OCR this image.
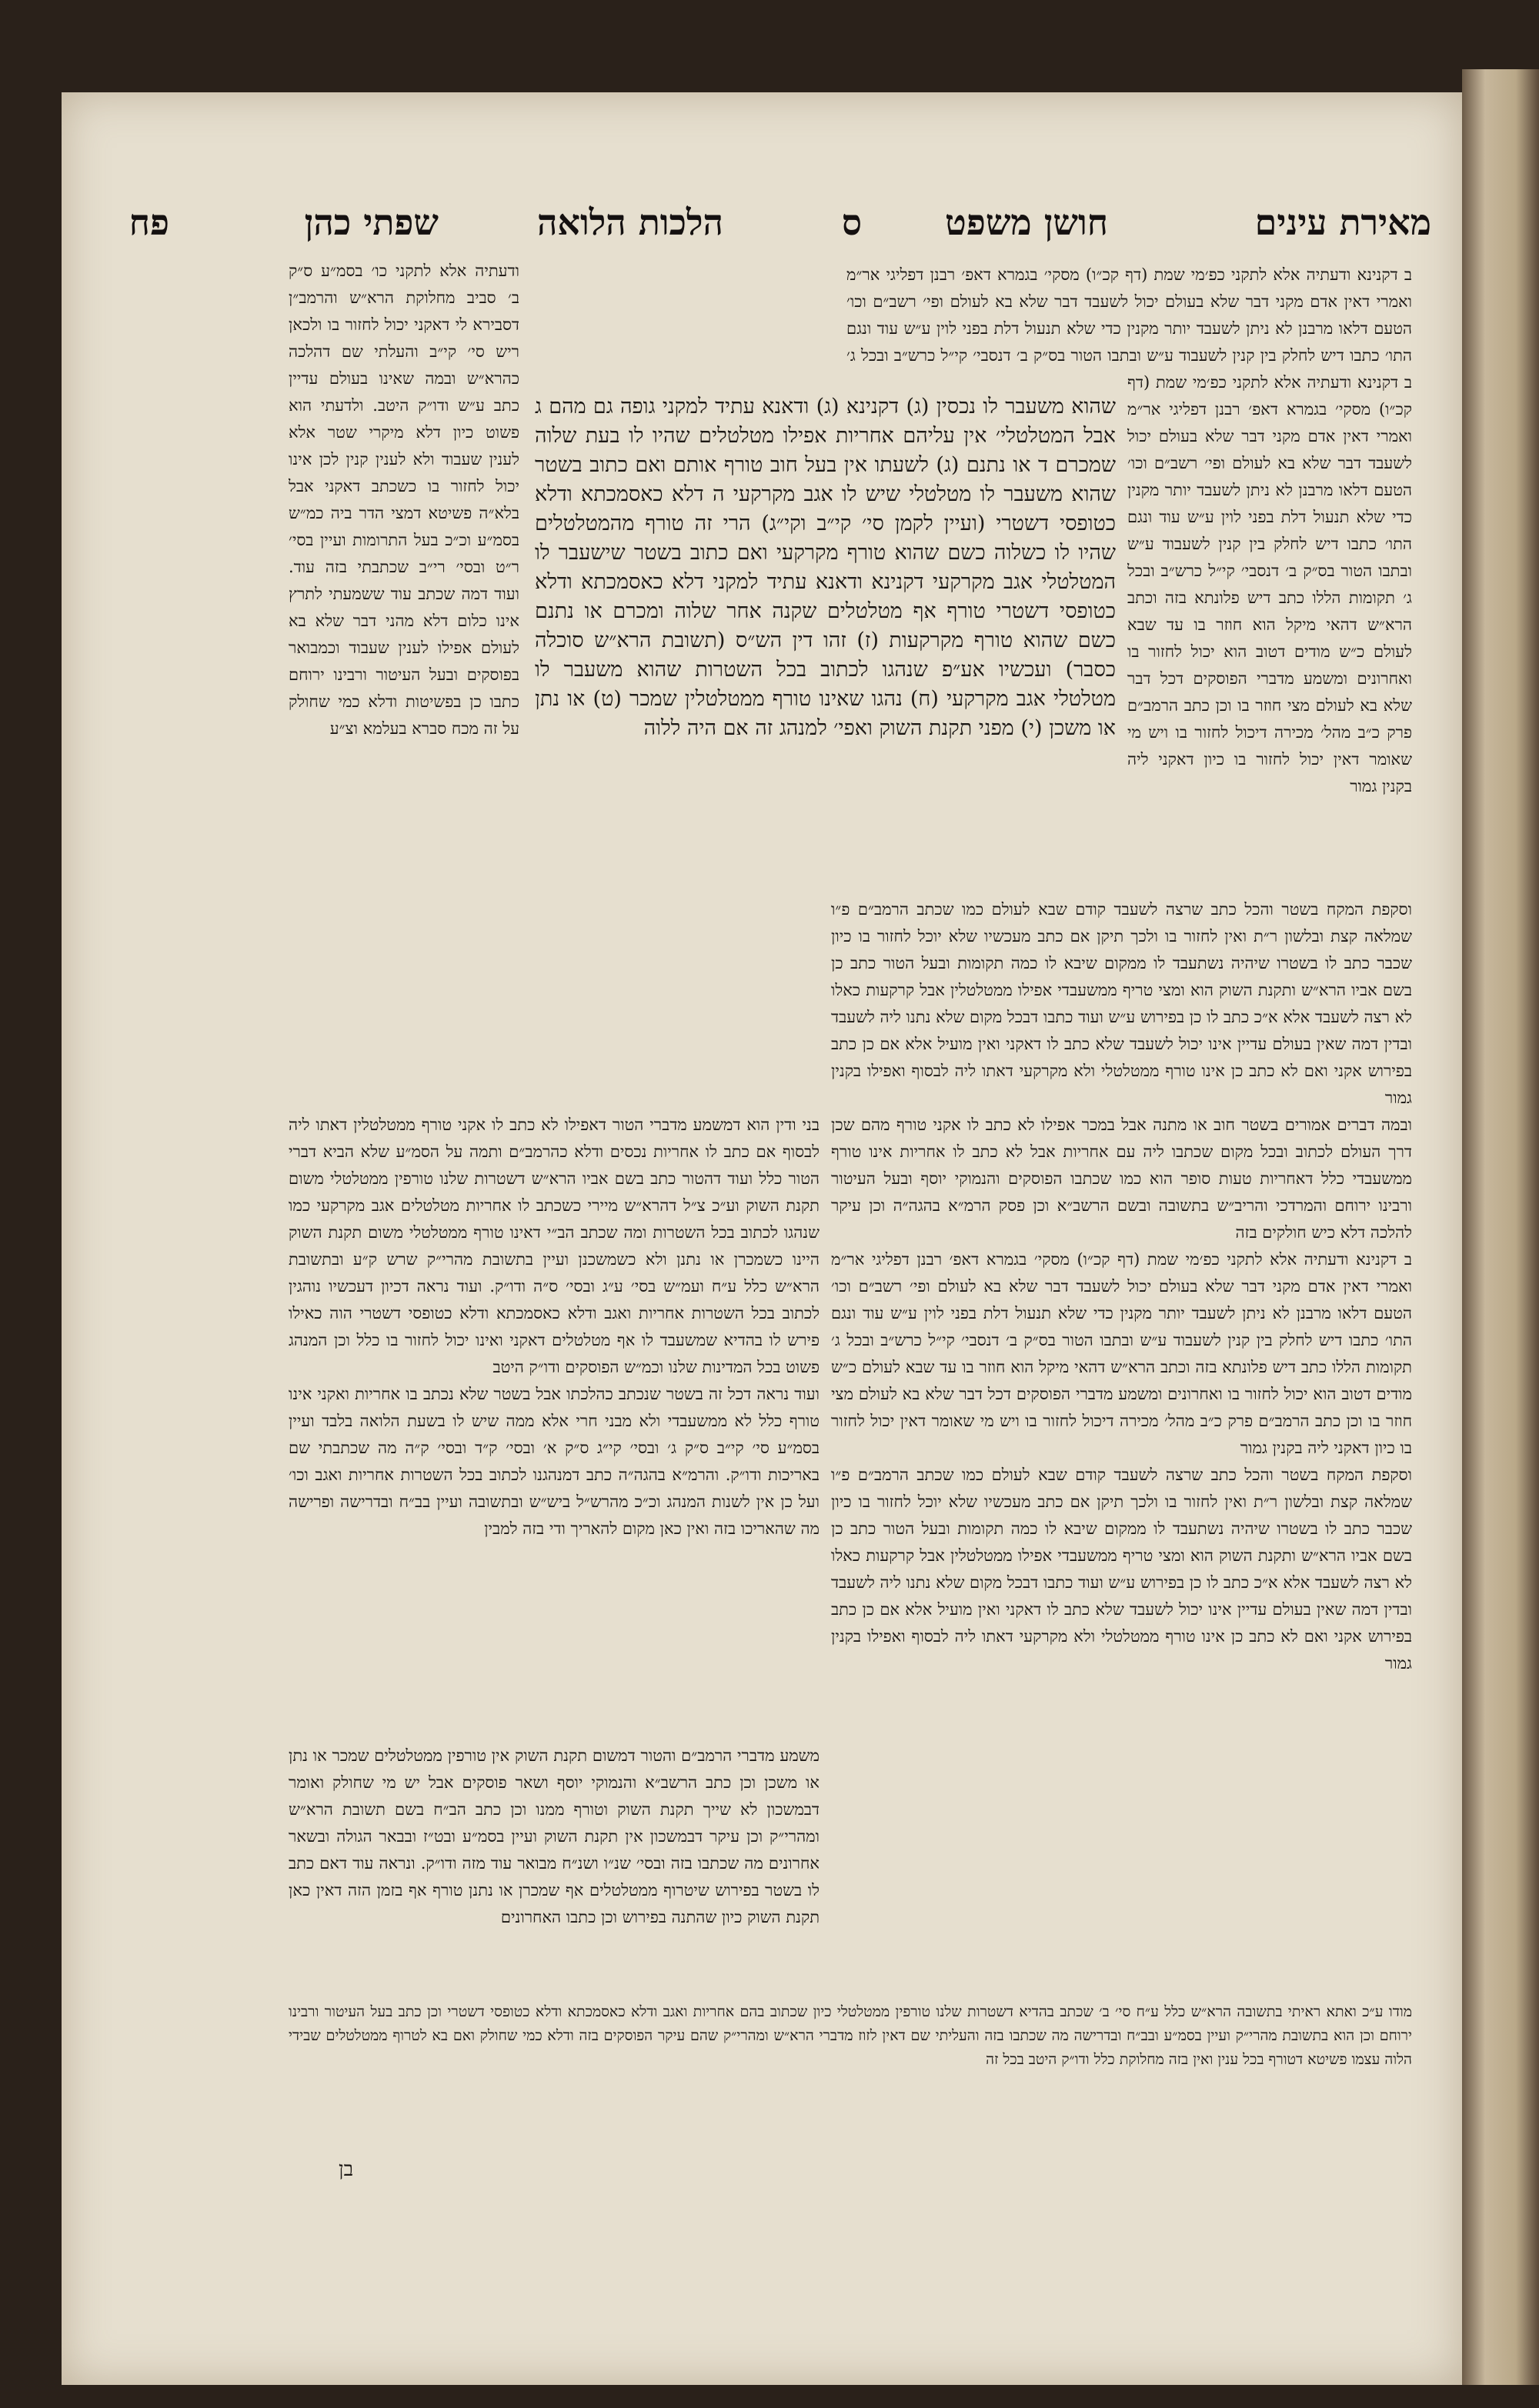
מאירת עינים
חושן משפט
ס
הלכות הלואה
שפתי כהן
פח

ב דקנינא ודעתיה אלא לתקני כפ׳מי שמת (דף קכ״ו) מסקי׳ בגמרא דאפ׳ רבנן דפליגי אר״מ ואמרי דאין אדם מקני דבר שלא בעולם יכול לשעבד דבר שלא בא לעולם ופי׳ רשב״ם וכו׳ הטעם דלאו מרבנן לא ניתן לשעבד יותר מקנין כדי שלא תנעול דלת בפני לוין ע״ש עוד ונגם התו׳ כתבו דיש לחלק בין קנין לשעבוד ע״ש ובתבו הטור בס״ק ב׳ דנסבי׳ קי״ל כרש״ב ובכל ג׳

ב דקנינא ודעתיה אלא לתקני כפ׳מי שמת (דף קכ״ו) מסקי׳ בגמרא דאפ׳ רבנן דפליגי אר״מ ואמרי דאין אדם מקני דבר שלא בעולם יכול לשעבד דבר שלא בא לעולם ופי׳ רשב״ם וכו׳ הטעם דלאו מרבנן לא ניתן לשעבד יותר מקנין כדי שלא תנעול דלת בפני לוין ע״ש עוד ונגם התו׳ כתבו דיש לחלק בין קנין לשעבוד ע״ש ובתבו הטור בס״ק ב׳ דנסבי׳ קי״ל כרש״ב ובכל ג׳ תקומות הללו כתב דיש פלונתא בזה וכתב הרא״ש דהאי מיקל הוא חוזר בו עד שבא לעולם כ״ש מודים דטוב הוא יכול לחזור בו ואחרונים ומשמע מדברי הפוסקים דכל דבר שלא בא לעולם מצי חוזר בו וכן כתב הרמב״ם פרק כ״ב מהל׳ מכירה דיכול לחזור בו ויש מי שאומר דאין יכול לחזור בו כיון דאקני ליה בקנין גמור

שהוא משעבר לו נכסין (ג) דקנינא (ג) ודאנא עתיד למקני גופה גם מהם ג אבל המטלטלי׳ אין עליהם אחריות אפילו מטלטלים שהיו לו בעת שלוה שמכרם ד או נתנם (ג) לשעתו אין בעל חוב טורף אותם ואם כתוב בשטר שהוא משעבר לו מטלטלי שיש לו אגב מקרקעי ה דלא כאסמכתא ודלא כטופסי דשטרי (ועיין לקמן סי׳ קי״ב וקי״ג) הרי זה טורף מהמטלטלים שהיו לו כשלוה כשם שהוא טורף מקרקעי ואם כתוב בשטר שישעבר לו המטלטלי אגב מקרקעי דקנינא ודאנא עתיד למקני דלא כאסמכתא ודלא כטופסי דשטרי טורף אף מטלטלים שקנה אחר שלוה ומכרם או נתנם כשם שהוא טורף מקרקעות (ז) זהו דין הש״ס (תשובת הרא״ש סוכלה כסבר) ועכשיו אע״פ שנהגו לכתוב בכל השטרות שהוא משעבר לו מטלטלי אגב מקרקעי (ח) נהגו שאינו טורף ממטלטלין שמכר (ט) או נתן או משכן (י) מפני תקנת השוק ואפי׳ למנהג זה אם היה ללוה

וסקפת המקח בשטר והכל כתב שרצה לשעבד קודם שבא לעולם כמו שכתב הרמב״ם פ״ו שמלאה קצת ובלשון ר״ת ואין לחזור בו ולכך תיקן אם כתב מעכשיו שלא יוכל לחזור בו כיון שכבר כתב לו בשטרו שיהיה נשתעבד לו ממקום שיבא לו כמה תקומות ובעל הטור כתב כן בשם אביו הרא״ש ותקנת השוק הוא ומצי טריף ממשעבדי אפילו ממטלטלין אבל קרקעות כאלו לא רצה לשעבד אלא א״כ כתב לו כן בפירוש ע״ש ועוד כתבו דבכל מקום שלא נתנו ליה לשעבד ובדין דמה שאין בעולם עדיין אינו יכול לשעבד שלא כתב לו דאקני ואין מועיל אלא אם כן כתב בפירוש אקני ואם לא כתב כן אינו טורף ממטלטלי ולא מקרקעי דאתו ליה לבסוף ואפילו בקנין גמור

ובמה דברים אמורים בשטר חוב או מתנה אבל במכר אפילו לא כתב לו אקני טורף מהם שכן דרך העולם לכתוב ובכל מקום שכתבו ליה עם אחריות אבל לא כתב לו אחריות אינו טורף ממשעבדי כלל דאחריות טעות סופר הוא כמו שכתבו הפוסקים והנמוקי יוסף ובעל העיטור ורבינו ירוחם והמרדכי והריב״ש בתשובה ובשם הרשב״א וכן פסק הרמ״א בהגה״ה וכן עיקר להלכה דלא כיש חולקים בזה

ב דקנינא ודעתיה אלא לתקני כפ׳מי שמת (דף קכ״ו) מסקי׳ בגמרא דאפ׳ רבנן דפליגי אר״מ ואמרי דאין אדם מקני דבר שלא בעולם יכול לשעבד דבר שלא בא לעולם ופי׳ רשב״ם וכו׳ הטעם דלאו מרבנן לא ניתן לשעבד יותר מקנין כדי שלא תנעול דלת בפני לוין ע״ש עוד ונגם התו׳ כתבו דיש לחלק בין קנין לשעבוד ע״ש ובתבו הטור בס״ק ב׳ דנסבי׳ קי״ל כרש״ב ובכל ג׳ תקומות הללו כתב דיש פלונתא בזה וכתב הרא״ש דהאי מיקל הוא חוזר בו עד שבא לעולם כ״ש מודים דטוב הוא יכול לחזור בו ואחרונים ומשמע מדברי הפוסקים דכל דבר שלא בא לעולם מצי חוזר בו וכן כתב הרמב״ם פרק כ״ב מהל׳ מכירה דיכול לחזור בו ויש מי שאומר דאין יכול לחזור בו כיון דאקני ליה בקנין גמור

וסקפת המקח בשטר והכל כתב שרצה לשעבד קודם שבא לעולם כמו שכתב הרמב״ם פ״ו שמלאה קצת ובלשון ר״ת ואין לחזור בו ולכך תיקן אם כתב מעכשיו שלא יוכל לחזור בו כיון שכבר כתב לו בשטרו שיהיה נשתעבד לו ממקום שיבא לו כמה תקומות ובעל הטור כתב כן בשם אביו הרא״ש ותקנת השוק הוא ומצי טריף ממשעבדי אפילו ממטלטלין אבל קרקעות כאלו לא רצה לשעבד אלא א״כ כתב לו כן בפירוש ע״ש ועוד כתבו דבכל מקום שלא נתנו ליה לשעבד ובדין דמה שאין בעולם עדיין אינו יכול לשעבד שלא כתב לו דאקני ואין מועיל אלא אם כן כתב בפירוש אקני ואם לא כתב כן אינו טורף ממטלטלי ולא מקרקעי דאתו ליה לבסוף ואפילו בקנין גמור

ודעתיה אלא לתקני כו׳ בסמ״ע ס״ק ב׳ סביב מחלוקת הרא״ש והרמב״ן דסבירא לי דאקני יכול לחזור בו ולכאן ריש סי׳ קי״ב והעלתי שם דהלכה כהרא״ש ובמה שאינו בעולם עדיין כתב ע״ש ודו״ק היטב. ולדעתי הוא פשוט כיון דלא מיקרי שטר אלא לענין שעבוד ולא לענין קנין לכן אינו יכול לחזור בו כשכתב דאקני אבל בלא״ה פשיטא דמצי הדר ביה כמ״ש בסמ״ע וכ״כ בעל התרומות ועיין בסי׳ ר״ט ובסי׳ רי״ב שכתבתי בזה עוד. ועוד דמה שכתב עוד ששמעתי לתרץ אינו כלום דלא מהני דבר שלא בא לעולם אפילו לענין שעבוד וכמבואר בפוסקים ובעל העיטור ורבינו ירוחם כתבו כן בפשיטות ודלא כמי שחולק על זה מכח סברא בעלמא וצ״ע

בני ודין הוא דמשמע מדברי הטור דאפילו לא כתב לו אקני טורף ממטלטלין דאתו ליה לבסוף אם כתב לו אחריות נכסים ודלא כהרמב״ם ותמה על הסמ״ע שלא הביא דברי הטור כלל ועוד דהטור כתב בשם אביו הרא״ש דשטרות שלנו טורפין ממטלטלי משום תקנת השוק וע״כ צ״ל דהרא״ש מיירי כשכתב לו אחריות מטלטלים אגב מקרקעי כמו שנהגו לכתוב בכל השטרות ומה שכתב הב״י דאינו טורף ממטלטלי משום תקנת השוק היינו כשמכרן או נתנן ולא כשמשכנן ועיין בתשובת מהרי״ק שרש ק״ע ובתשובת הרא״ש כלל ע״ח ועמ״ש בסי׳ ע״ג ובסי׳ ס״ה ודו״ק. ועוד נראה דכיון דעכשיו נוהגין לכתוב בכל השטרות אחריות ואגב ודלא כאסמכתא ודלא כטופסי דשטרי הוה כאילו פירש לו בהדיא שמשעבד לו אף מטלטלים דאקני ואינו יכול לחזור בו כלל וכן המנהג פשוט בכל המדינות שלנו וכמ״ש הפוסקים ודו״ק היטב

ועוד נראה דכל זה בשטר שנכתב כהלכתו אבל בשטר שלא נכתב בו אחריות ואקני אינו טורף כלל לא ממשעבדי ולא מבני חרי אלא ממה שיש לו בשעת הלואה בלבד ועיין בסמ״ע סי׳ קי״ב ס״ק ג׳ ובסי׳ קי״ג ס״ק א׳ ובסי׳ ק״ד ובסי׳ ק״ה מה שכתבתי שם באריכות ודו״ק. והרמ״א בהגה״ה כתב דמנהגנו לכתוב בכל השטרות אחריות ואגב וכו׳ ועל כן אין לשנות המנהג וכ״כ מהרש״ל ביש״ש ובתשובה ועיין בב״ח ובדרישה ופרישה מה שהאריכו בזה ואין כאן מקום להאריך ודי בזה למבין

משמע מדברי הרמב״ם והטור דמשום תקנת השוק אין טורפין ממטלטלים שמכר או נתן או משכן וכן כתב הרשב״א והנמוקי יוסף ושאר פוסקים אבל יש מי שחולק ואומר דבמשכון לא שייך תקנת השוק וטורף ממנו וכן כתב הב״ח בשם תשובת הרא״ש ומהרי״ק וכן עיקר דבמשכון אין תקנת השוק ועיין בסמ״ע ובט״ז ובבאר הגולה ובשאר אחרונים מה שכתבו בזה ובסי׳ שנ״ו ושנ״ח מבואר עוד מזה ודו״ק. ונראה עוד דאם כתב לו בשטר בפירוש שיטרוף ממטלטלים אף שמכרן או נתנן טורף אף בזמן הזה דאין כאן תקנת השוק כיון שהתנה בפירוש וכן כתבו האחרונים

מודו ע״כ ואתא ראיתי בתשובה הרא״ש כלל ע״ח סי׳ ב׳ שכתב בהדיא דשטרות שלנו טורפין ממטלטלי כיון שכתוב בהם אחריות ואגב ודלא כאסמכתא ודלא כטופסי דשטרי וכן כתב בעל העיטור ורבינו ירוחם וכן הוא בתשובת מהרי״ק ועיין בסמ״ע ובב״ח ובדרישה מה שכתבו בזה והעליתי שם דאין לזוז מדברי הרא״ש ומהרי״ק שהם עיקר הפוסקים בזה ודלא כמי שחולק ואם בא לטרוף ממטלטלים שבידי הלוה עצמו פשיטא דטורף בכל ענין ואין בזה מחלוקת כלל ודו״ק היטב בכל זה

בן
